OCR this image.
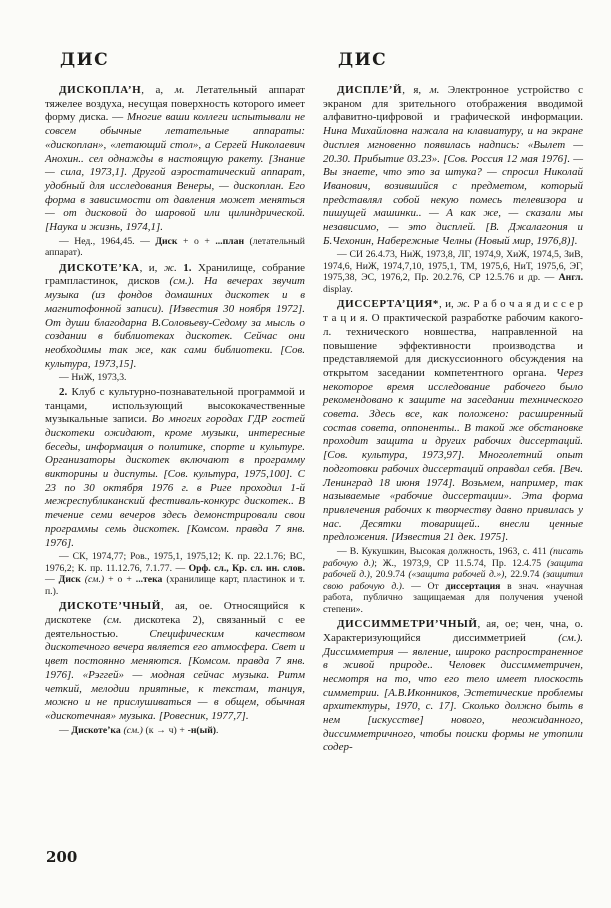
ДИС

ДИСКОПЛА’Н, а, м. Летательный аппарат тяжелее воздуха, несущая поверхность которого имеет форму диска. — Многие ваши коллеги испытывали не совсем обычные летательные аппараты: «дископлан», «летающий стол», а Сергей Николаевич Анохин.. сел однажды в настоящую ракету. [Знание — сила, 1973,1]. Другой аэростатический аппарат, удобный для исследования Венеры, — дископлан. Его форма в зависимости от давления может меняться — от дисковой до шаровой или цилиндрической. [Наука и жизнь, 1974,1].

— Нед., 1964,45. — Диск + о + ...план (летательный аппарат).

ДИСКОТЕ’КА, и, ж. 1. Хранилище, собрание грампластинок, дисков (см.). На вечерах звучит музыка (из фондов домашних дискотек и в магнитофонной записи). [Известия 30 ноября 1972]. От души благодарна В.Соловьеву-Седому за мысль о создании в библиотеках дискотек. Сейчас они необходимы так же, как сами библиотеки. [Сов. культура, 1973,15].

— НиЖ, 1973,3.

2. Клуб с культурно-познавательной программой и танцами, использующий высококачественные музыкальные записи. Во многих городах ГДР гостей дискотеки ожидают, кроме музыки, интересные беседы, информация о политике, спорте и культуре. Организаторы дискотек включают в программу викторины и диспуты. [Сов. культура, 1975,100]. С 23 по 30 октября 1976 г. в Риге проходил 1-й межреспубликанский фестиваль-конкурс дискотек.. В течение семи вечеров здесь демонстрировали свои программы семь дискотек. [Комсом. правда 7 янв. 1976].

— СК, 1974,77; Ров., 1975,1, 1975,12; К. пр. 22.1.76; ВС, 1976,2; К. пр. 11.12.76, 7.1.77. — Орф. сл., Кр. сл. ин. слов. — Диск (см.) + о + ...тека (хранилище карт, пластинок и т. п.).

ДИСКОТЕ’ЧНЫЙ, ая, ое. Относящийся к дискотеке (см. дискотека 2), связанный с ее деятельностью. Специфическим качеством дискотечного вечера является его атмосфера. Свет и цвет постоянно меняются. [Комсом. правда 7 янв. 1976]. «Рэггей» — модная сейчас музыка. Ритм четкий, мелодии приятные, к текстам, танцуя, можно и не прислушиваться — в общем, обычная «дискотечная» музыка. [Ровесник, 1977,7].

— Дискоте’ка (см.) (к → ч) + -н(ый).

ДИС

ДИСПЛЕ’Й, я, м. Электронное устройство с экраном для зрительного отображения вводимой алфавитно-цифровой и графической информации. Нина Михайловна нажала на клавиатуру, и на экране дисплея мгновенно появилась надпись: «Вылет — 20.30. Прибытие 03.23». [Сов. Россия 12 мая 1976]. — Вы знаете, что это за штука? — спросил Николай Иванович, возившийся с предметом, который представлял собой некую помесь телевизора и пишущей машинки.. — А как же, — сказали мы независимо, — это дисплей. [В. Джалагония и Б.Чехонин, Набережные Челны (Новый мир, 1976,8)].

— СИ 26.4.73, НиЖ, 1973,8, ЛГ, 1974,9, ХиЖ, 1974,5, ЗиВ, 1974,6, НиЖ, 1974,7,10, 1975,1, ТМ, 1975,6, НиТ, 1975,6, ЭГ, 1975,38, ЭС, 1976,2, Пр. 20.2.76, СР 12.5.76 и др. — Англ. display.

ДИССЕРТА’ЦИЯ*, и, ж. Р а б о ч а я д и с с е р т а ц и я. О практической разработке рабочим какого-л. технического новшества, направленной на повышение эффективности производства и представляемой для дискуссионного обсуждения на открытом заседании компетентного органа. Через некоторое время исследование рабочего было рекомендовано к защите на заседании технического совета. Здесь все, как положено: расширенный состав совета, оппоненты.. В такой же обстановке проходит защита и других рабочих диссертаций. [Сов. культура, 1973,97]. Многолетний опыт подготовки рабочих диссертаций оправдал себя. [Веч. Ленинград 18 июня 1974]. Возьмем, например, так называемые «рабочие диссертации». Эта форма привлечения рабочих к творчеству давно привилась у нас. Десятки товарищей.. внесли ценные предложения. [Известия 21 дек. 1975].

— В. Кукушкин, Высокая должность, 1963, с. 411 (писать рабочую д.); Ж., 1973,9, СР 11.5.74, Пр. 12.4.75 (защита рабочей д.), 20.9.74 («защита рабочей д.»), 22.9.74 (защитил свою рабочую д.). — От диссертация в знач. «научная работа, публично защищаемая для получения ученой степени».

ДИССИММЕТРИ’ЧНЫЙ, ая, ое; чен, чна, о. Характеризующийся диссимметрией (см.). Диссимметрия — явление, широко распространенное в живой природе.. Человек диссимметричен, несмотря на то, что его тело имеет плоскость симметрии. [А.В.Иконников, Эстетические проблемы архитектуры, 1970, с. 17]. Сколько должно быть в нем [искусстве] нового, неожиданного, диссимметричного, чтобы поиски формы не утопили содер-

200
